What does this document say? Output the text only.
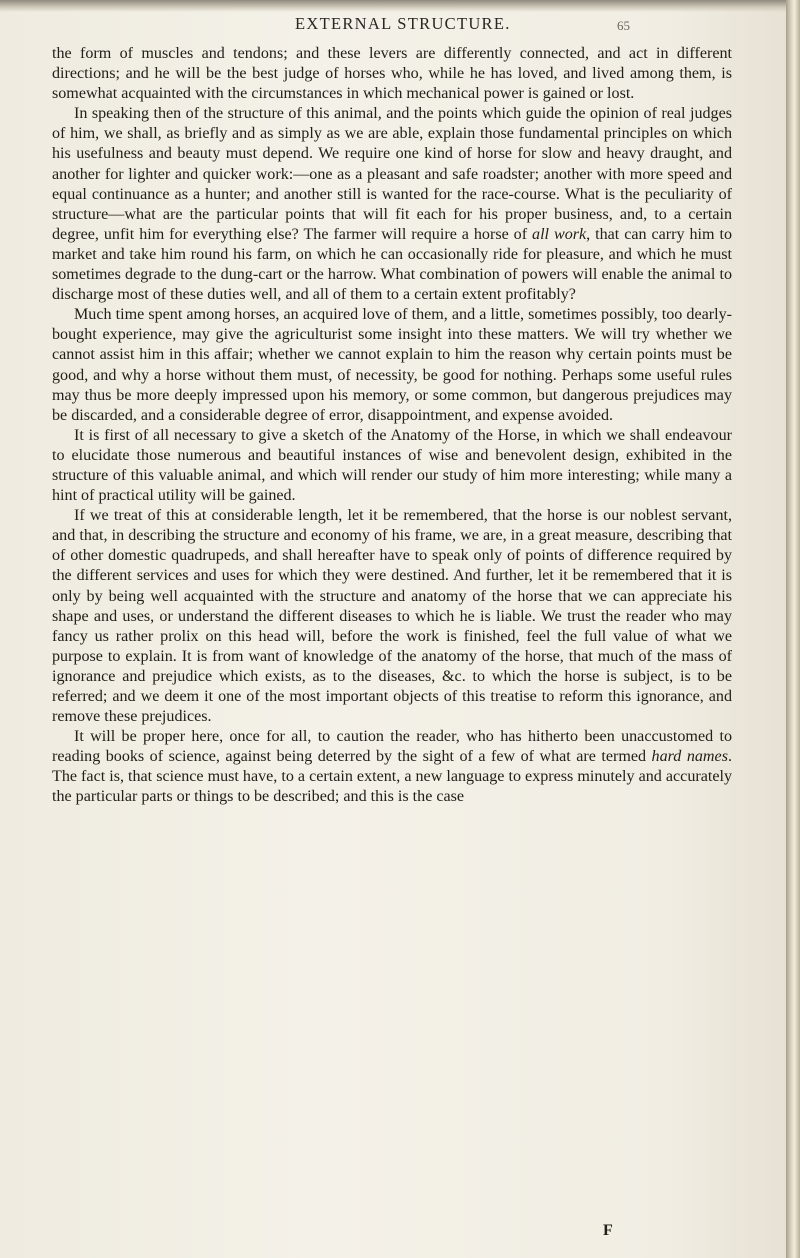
EXTERNAL STRUCTURE.	65

the form of muscles and tendons; and these levers are differently connected, and act in different directions; and he will be the best judge of horses who, while he has loved, and lived among them, is somewhat acquainted with the circumstances in which mechanical power is gained or lost.

In speaking then of the structure of this animal, and the points which guide the opinion of real judges of him, we shall, as briefly and as simply as we are able, explain those fundamental principles on which his usefulness and beauty must depend. We require one kind of horse for slow and heavy draught, and another for lighter and quicker work:—one as a pleasant and safe roadster; another with more speed and equal continuance as a hunter; and another still is wanted for the race-course. What is the peculiarity of structure—what are the particular points that will fit each for his proper business, and, to a certain degree, unfit him for everything else? The farmer will require a horse of all work, that can carry him to market and take him round his farm, on which he can occasionally ride for pleasure, and which he must sometimes degrade to the dung-cart or the harrow. What combination of powers will enable the animal to discharge most of these duties well, and all of them to a certain extent profitably?

Much time spent among horses, an acquired love of them, and a little, sometimes possibly, too dearly-bought experience, may give the agriculturist some insight into these matters. We will try whether we cannot assist him in this affair; whether we cannot explain to him the reason why certain points must be good, and why a horse without them must, of necessity, be good for nothing. Perhaps some useful rules may thus be more deeply impressed upon his memory, or some common, but dangerous prejudices may be discarded, and a considerable degree of error, disappointment, and expense avoided.

It is first of all necessary to give a sketch of the Anatomy of the Horse, in which we shall endeavour to elucidate those numerous and beautiful instances of wise and benevolent design, exhibited in the structure of this valuable animal, and which will render our study of him more interesting; while many a hint of practical utility will be gained.

If we treat of this at considerable length, let it be remembered, that the horse is our noblest servant, and that, in describing the structure and economy of his frame, we are, in a great measure, describing that of other domestic quadrupeds, and shall hereafter have to speak only of points of difference required by the different services and uses for which they were destined. And further, let it be remembered that it is only by being well acquainted with the structure and anatomy of the horse that we can appreciate his shape and uses, or understand the different diseases to which he is liable. We trust the reader who may fancy us rather prolix on this head will, before the work is finished, feel the full value of what we purpose to explain. It is from want of knowledge of the anatomy of the horse, that much of the mass of ignorance and prejudice which exists, as to the diseases, &c. to which the horse is subject, is to be referred; and we deem it one of the most important objects of this treatise to reform this ignorance, and remove these prejudices.

It will be proper here, once for all, to caution the reader, who has hitherto been unaccustomed to reading books of science, against being deterred by the sight of a few of what are termed hard names. The fact is, that science must have, to a certain extent, a new language to express minutely and accurately the particular parts or things to be described; and this is the case

F
